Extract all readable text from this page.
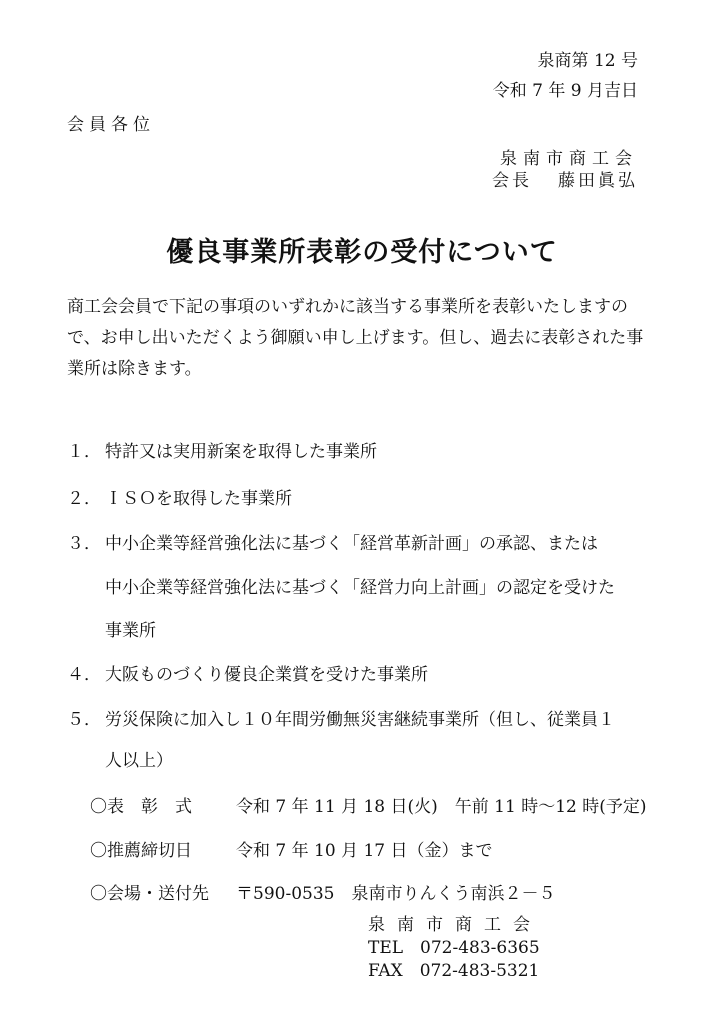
泉商第 12 号
令和 7 年 9 月吉日
会員各位
泉南市商工会
会長 藤田眞弘
優良事業所表彰の受付について
商工会会員で下記の事項のいずれかに該当する事業所を表彰いたしますので、お申し出いただくよう御願い申し上げます。但し、過去に表彰された事業所は除きます。
１． 特許又は実用新案を取得した事業所
２． ＩＳＯを取得した事業所
３． 中小企業等経営強化法に基づく「経営革新計画」の承認、または
中小企業等経営強化法に基づく「経営力向上計画」の認定を受けた
事業所
４． 大阪ものづくり優良企業賞を受けた事業所
５． 労災保険に加入し１０年間労働無災害継続事業所（但し、従業員１
人以上）
〇表　彰　式	令和 7 年 11 月 18 日(火)　午前 11 時～12 時(予定)
〇推薦締切日	令和 7 年 10 月 17 日（金）まで
〇会場・送付先 〒590-0535　泉南市りんくう南浜２－５
泉南市商工会
TEL　072-483-6365
FAX　072-483-5321
